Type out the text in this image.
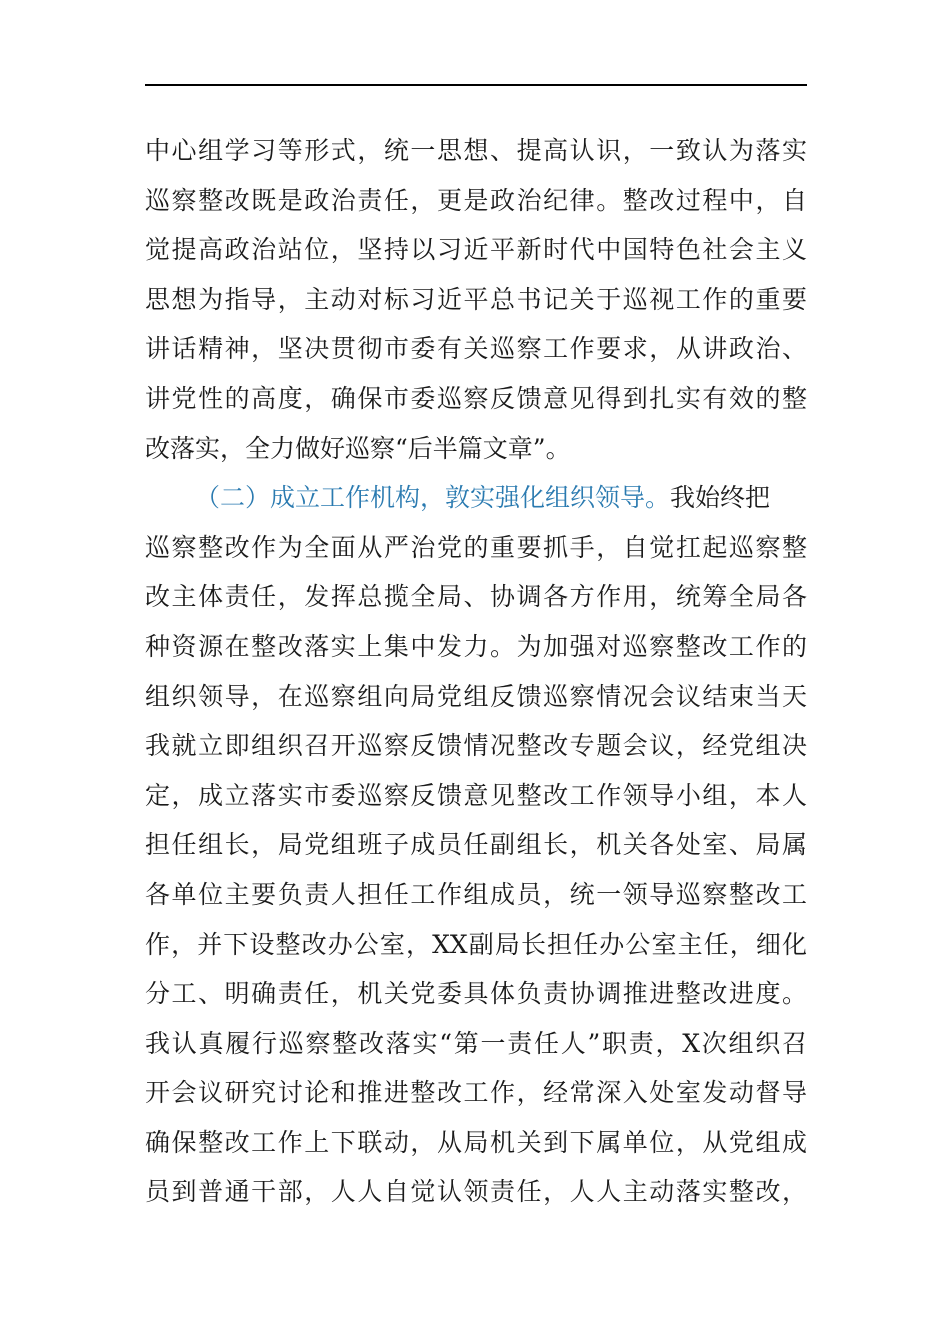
中心组学习等形式，统一思想、提高认识，一致认为落实
巡察整改既是政治责任，更是政治纪律。整改过程中，自
觉提高政治站位，坚持以习近平新时代中国特色社会主义
思想为指导，主动对标习近平总书记关于巡视工作的重要
讲话精神，坚决贯彻市委有关巡察工作要求，从讲政治、
讲党性的高度，确保市委巡察反馈意见得到扎实有效的整
改落实，全力做好巡察“后半篇文章”。
（二）成立工作机构，敦实强化组织领导。我始终把
巡察整改作为全面从严治党的重要抓手，自觉扛起巡察整
改主体责任，发挥总揽全局、协调各方作用，统筹全局各
种资源在整改落实上集中发力。为加强对巡察整改工作的
组织领导，在巡察组向局党组反馈巡察情况会议结束当天
我就立即组织召开巡察反馈情况整改专题会议，经党组决
定，成立落实市委巡察反馈意见整改工作领导小组，本人
担任组长，局党组班子成员任副组长，机关各处室、局属
各单位主要负责人担任工作组成员，统一领导巡察整改工
作，并下设整改办公室，XX副局长担任办公室主任，细化
分工、明确责任，机关党委具体负责协调推进整改进度。
我认真履行巡察整改落实“第一责任人”职责，X次组织召
开会议研究讨论和推进整改工作，经常深入处室发动督导
确保整改工作上下联动，从局机关到下属单位，从党组成
员到普通干部，人人自觉认领责任，人人主动落实整改，
